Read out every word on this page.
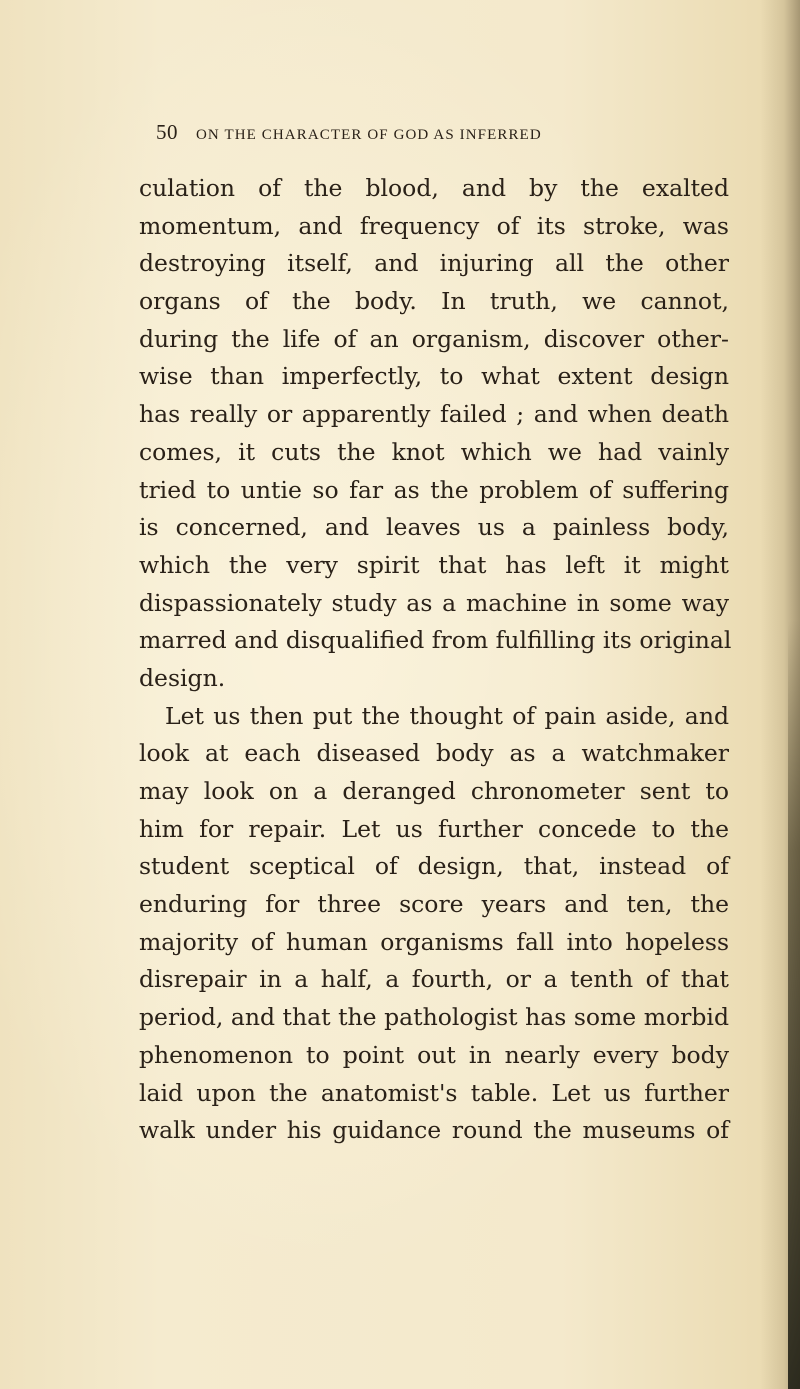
50 ON THE CHARACTER OF GOD AS INFERRED
culation of the blood, and by the exalted
momentum, and frequency of its stroke, was
destroying itself, and injuring all the other
organs of the body. In truth, we cannot,
during the life of an organism, discover other-
wise than imperfectly, to what extent design
has really or apparently failed ; and when death
comes, it cuts the knot which we had vainly
tried to untie so far as the problem of suffering
is concerned, and leaves us a painless body,
which the very spirit that has left it might
dispassionately study as a machine in some way
marred and disqualified from fulfilling its original
design.
Let us then put the thought of pain aside, and
look at each diseased body as a watchmaker
may look on a deranged chronometer sent to
him for repair. Let us further concede to the
student sceptical of design, that, instead of
enduring for three score years and ten, the
majority of human organisms fall into hopeless
disrepair in a half, a fourth, or a tenth of that
period, and that the pathologist has some morbid
phenomenon to point out in nearly every body
laid upon the anatomist's table. Let us further
walk under his guidance round the museums of
